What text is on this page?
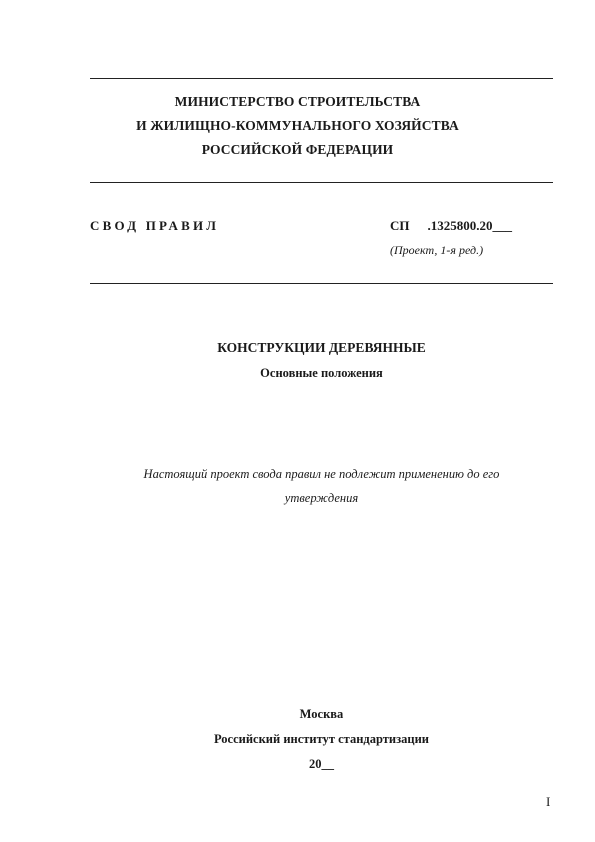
МИНИСТЕРСТВО СТРОИТЕЛЬСТВА
И ЖИЛИЩНО-КОММУНАЛЬНОГО ХОЗЯЙСТВА
РОССИЙСКОЙ ФЕДЕРАЦИИ
СВОД ПРАВИЛ	СП .1325800.20___
(Проект, 1-я ред.)
КОНСТРУКЦИИ ДЕРЕВЯННЫЕ
Основные положения
Настоящий проект свода правил не подлежит применению до его
утверждения
Москва
Российский институт стандартизации
20__
I
